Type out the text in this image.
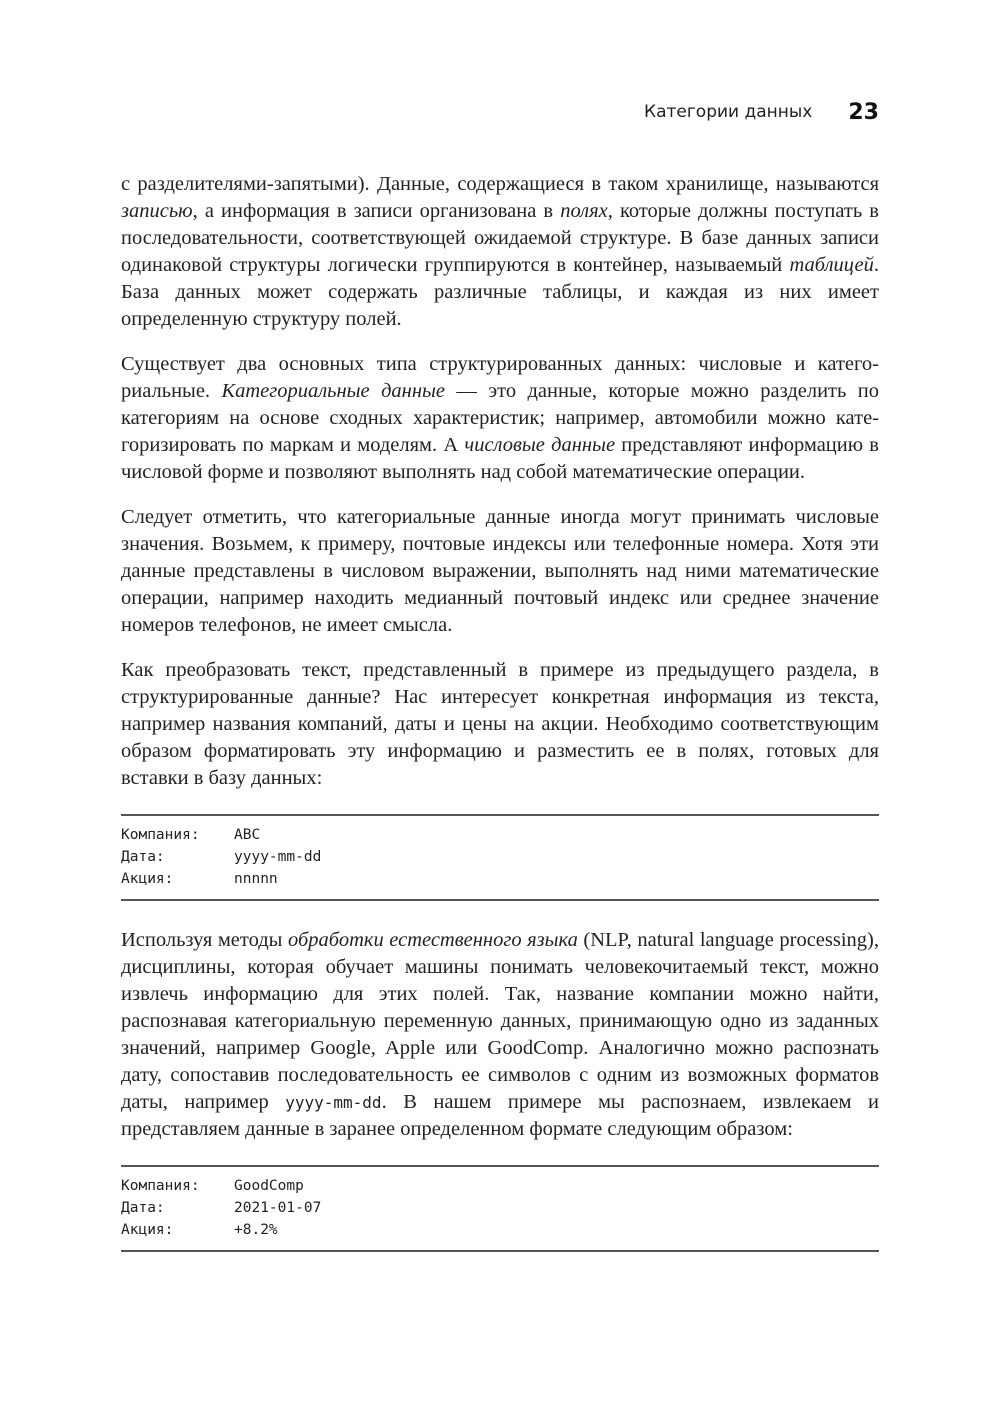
Категории данных 23

с разделителями-запятыми). Данные, содержащиеся в таком хранилище, называются записью, а информация в записи организована в полях, которые должны поступать в последовательности, соответствующей ожидаемой структуре. В базе данных записи одинаковой структуры логически группируются в контейнер, называемый таблицей. База данных может содержать различные таблицы, и каждая из них имеет определенную структуру полей.

Существует два основных типа структурированных данных: числовые и категориальные. Категориальные данные — это данные, которые можно разделить по категориям на основе сходных характеристик; например, автомобили можно категоризировать по маркам и моделям. А числовые данные представляют информацию в числовой форме и позволяют выполнять над собой математические операции.

Следует отметить, что категориальные данные иногда могут принимать числовые значения. Возьмем, к примеру, почтовые индексы или телефонные номера. Хотя эти данные представлены в числовом выражении, выполнять над ними математические операции, например находить медианный почтовый индекс или среднее значение номеров телефонов, не имеет смысла.

Как преобразовать текст, представленный в примере из предыдущего раздела, в структурированные данные? Нас интересует конкретная информация из текста, например названия компаний, даты и цены на акции. Необходимо соответствующим образом форматировать эту информацию и разместить ее в полях, готовых для вставки в базу данных:

Компания:	ABC
Дата:	yyyy-mm-dd
Акция:	nnnnn

Используя методы обработки естественного языка (NLP, natural language processing), дисциплины, которая обучает машины понимать человекочитаемый текст, можно извлечь информацию для этих полей. Так, название компании можно найти, распознавая категориальную переменную данных, принимающую одно из заданных значений, например Google, Apple или GoodComp. Аналогично можно распознать дату, сопоставив последовательность ее символов с одним из возможных форматов даты, например yyyy-mm-dd. В нашем примере мы распознаем, извлекаем и представляем данные в заранее определенном формате следующим образом:

Компания:	GoodComp
Дата:	2021-01-07
Акция:	+8.2%
